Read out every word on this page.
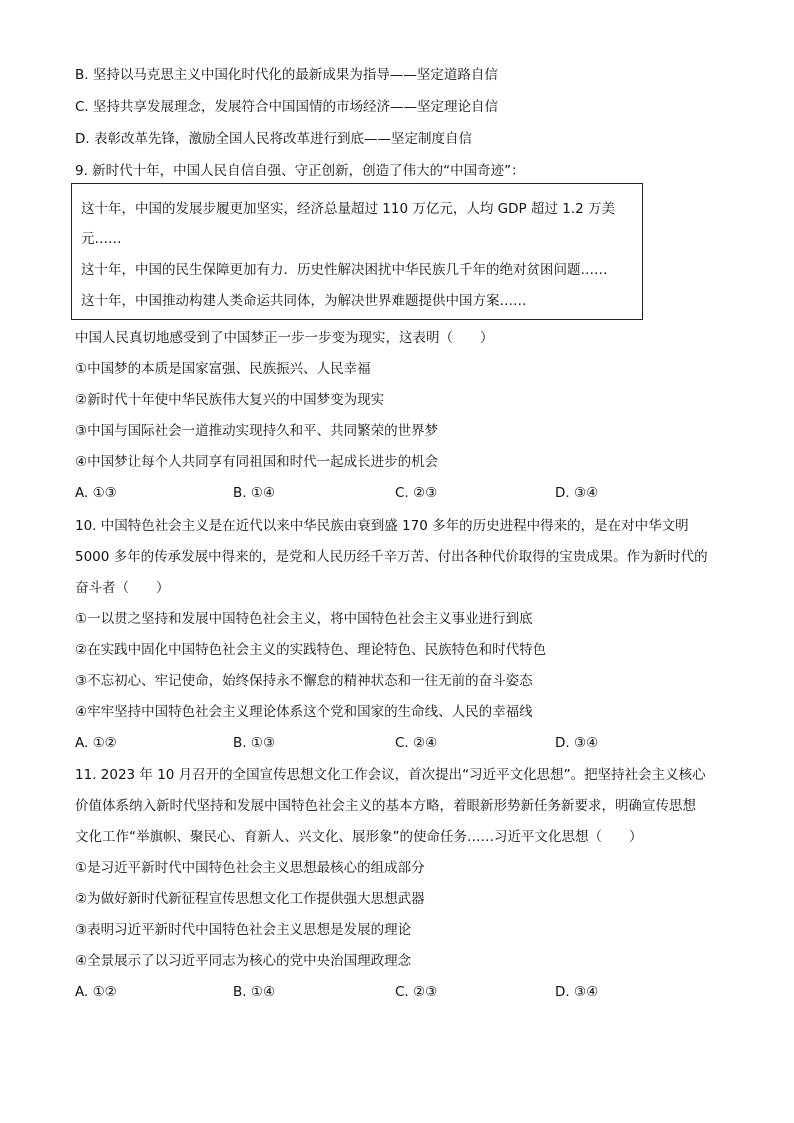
B. 坚持以马克思主义中国化时代化的最新成果为指导——坚定道路自信
C. 坚持共享发展理念，发展符合中国国情的市场经济——坚定理论自信
D. 表彰改革先锋，激励全国人民将改革进行到底——坚定制度自信
9. 新时代十年，中国人民自信自强、守正创新，创造了伟大的“中国奇迹”：
这十年，中国的发展步履更加坚实，经济总量超过 110 万亿元，人均 GDP 超过 1.2 万美
元……
这十年，中国的民生保障更加有力．历史性解决困扰中华民族几千年的绝对贫困问题……
这十年，中国推动构建人类命运共同体，为解决世界难题提供中国方案……
中国人民真切地感受到了中国梦正一步一步变为现实，这表明（　　）
①中国梦的本质是国家富强、民族振兴、人民幸福
②新时代十年使中华民族伟大复兴的中国梦变为现实
③中国与国际社会一道推动实现持久和平、共同繁荣的世界梦
④中国梦让每个人共同享有同祖国和时代一起成长进步的机会
A. ①③	B. ①④	C. ②③	D. ③④
10. 中国特色社会主义是在近代以来中华民族由衰到盛 170 多年的历史进程中得来的，是在对中华文明
5000 多年的传承发展中得来的，是党和人民历经千辛万苦、付出各种代价取得的宝贵成果。作为新时代的
奋斗者（　　）
①一以贯之坚持和发展中国特色社会主义，将中国特色社会主义事业进行到底
②在实践中固化中国特色社会主义的实践特色、理论特色、民族特色和时代特色
③不忘初心、牢记使命，始终保持永不懈怠的精神状态和一往无前的奋斗姿态
④牢牢坚持中国特色社会主义理论体系这个党和国家的生命线、人民的幸福线
A. ①②	B. ①③	C. ②④	D. ③④
11. 2023 年 10 月召开的全国宣传思想文化工作会议，首次提出“习近平文化思想”。把坚持社会主义核心
价值体系纳入新时代坚持和发展中国特色社会主义的基本方略，着眼新形势新任务新要求，明确宣传思想
文化工作“举旗帜、聚民心、育新人、兴文化、展形象”的使命任务……习近平文化思想（　　）
①是习近平新时代中国特色社会主义思想最核心的组成部分
②为做好新时代新征程宣传思想文化工作提供强大思想武器
③表明习近平新时代中国特色社会主义思想是发展的理论
④全景展示了以习近平同志为核心的党中央治国理政理念
A. ①②	B. ①④	C. ②③	D. ③④
